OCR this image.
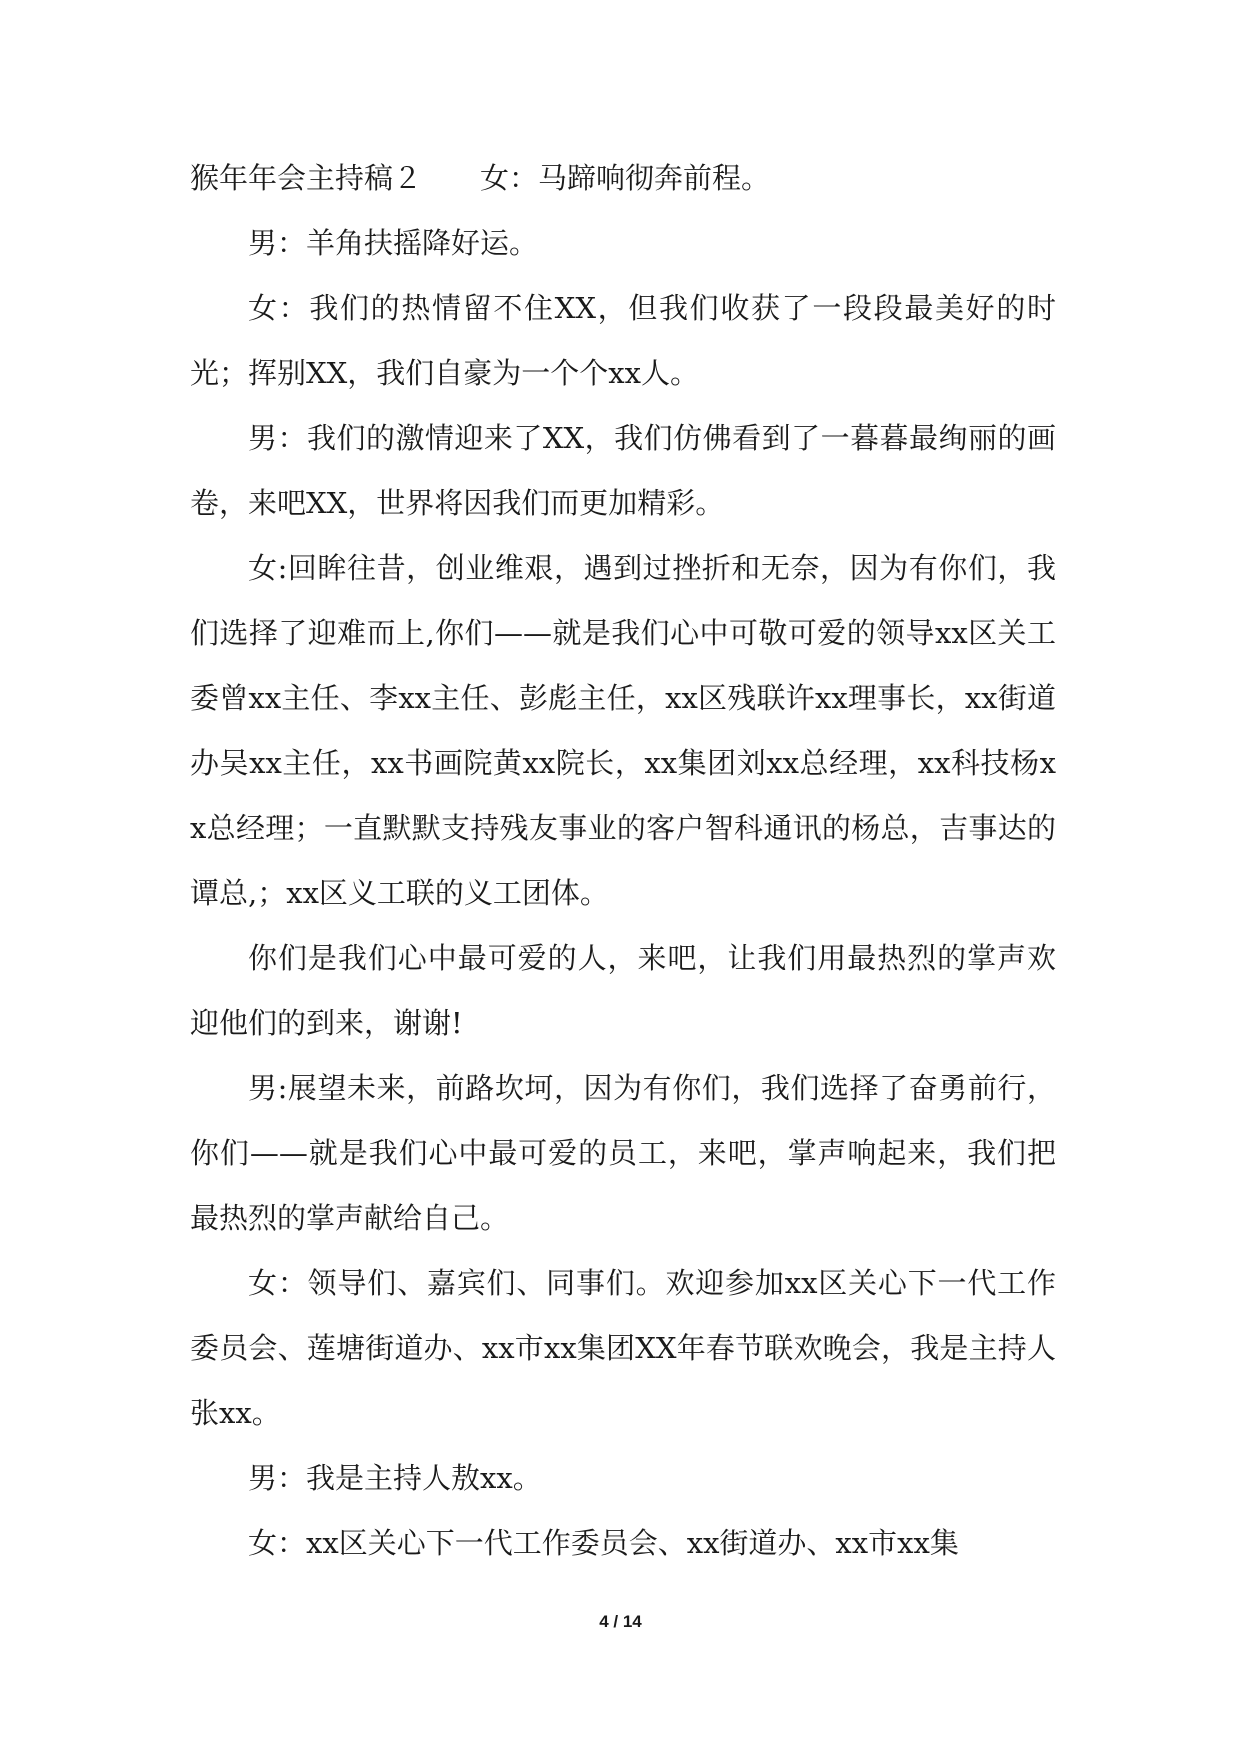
猴年年会主持稿２　　女：马蹄响彻奔前程。

男：羊角扶摇降好运。

女：我们的热情留不住XX，但我们收获了一段段最美好的时光；挥别XX，我们自豪为一个个xx人。

男：我们的激情迎来了XX，我们仿佛看到了一暮暮最绚丽的画卷，来吧XX，世界将因我们而更加精彩。

女:回眸往昔，创业维艰，遇到过挫折和无奈，因为有你们，我们选择了迎难而上,你们——就是我们心中可敬可爱的领导xx区关工委曾xx主任、李xx主任、彭彪主任，xx区残联许xx理事长，xx街道办吴xx主任，xx书画院黄xx院长，xx集团刘xx总经理，xx科技杨xx总经理；一直默默支持残友事业的客户智科通讯的杨总，吉事达的谭总,；xx区义工联的义工团体。

你们是我们心中最可爱的人，来吧，让我们用最热烈的掌声欢迎他们的到来，谢谢!

男:展望未来，前路坎坷，因为有你们，我们选择了奋勇前行，你们——就是我们心中最可爱的员工，来吧，掌声响起来，我们把最热烈的掌声献给自己。

女：领导们、嘉宾们、同事们。欢迎参加xx区关心下一代工作委员会、莲塘街道办、xx市xx集团XX年春节联欢晚会，我是主持人张xx。

男：我是主持人敖xx。

女：xx区关心下一代工作委员会、xx街道办、xx市xx集

4 / 14
